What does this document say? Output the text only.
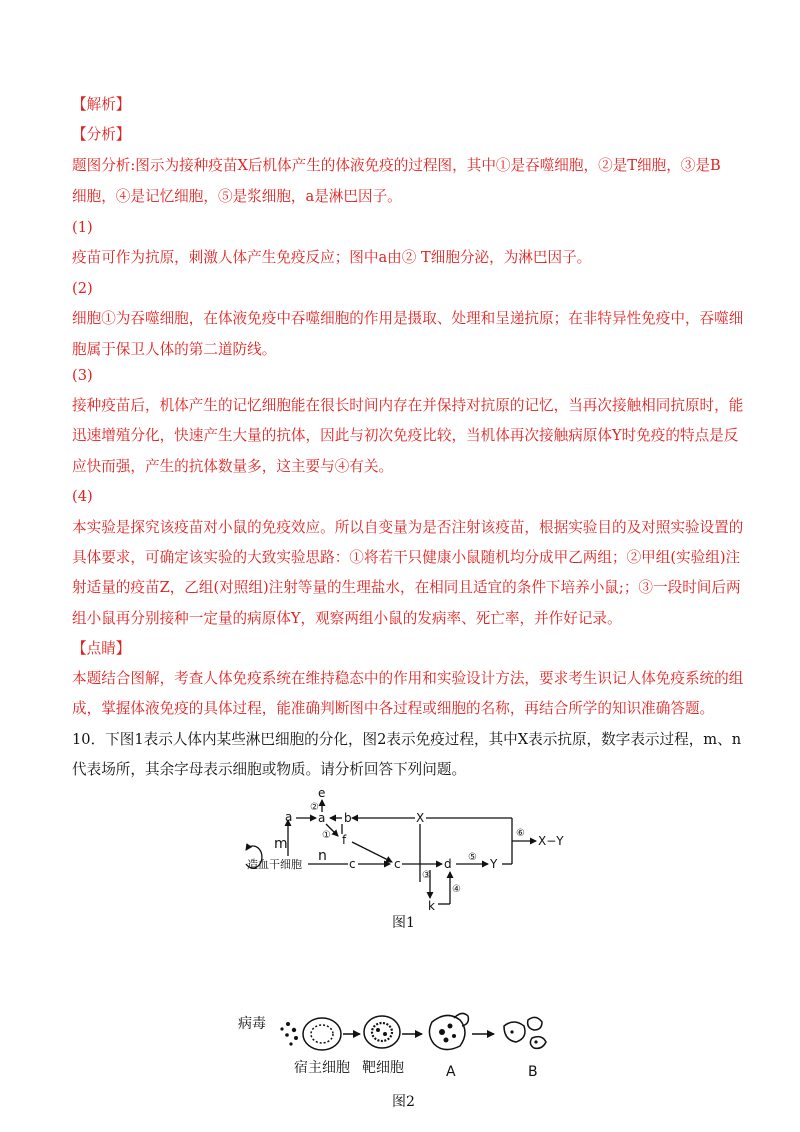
【解析】
【分析】
题图分析:图示为接种疫苗X后机体产生的体液免疫的过程图，其中①是吞噬细胞，②是T细胞，③是B
细胞，④是记忆细胞，⑤是浆细胞，a是淋巴因子。
(1)
疫苗可作为抗原，刺激人体产生免疫反应；图中a由② T细胞分泌，为淋巴因子。
(2)
细胞①为吞噬细胞，在体液免疫中吞噬细胞的作用是摄取、处理和呈递抗原；在非特异性免疫中，吞噬细
胞属于保卫人体的第二道防线。
(3)
接种疫苗后，机体产生的记忆细胞能在很长时间内存在并保持对抗原的记忆，当再次接触相同抗原时，能
迅速增殖分化，快速产生大量的抗体，因此与初次免疫比较，当机体再次接触病原体Y时免疫的特点是反
应快而强，产生的抗体数量多，这主要与④有关。
(4)
本实验是探究该疫苗对小鼠的免疫效应。所以自变量为是否注射该疫苗，根据实验目的及对照实验设置的
具体要求，可确定该实验的大致实验思路：①将若干只健康小鼠随机均分成甲乙两组；②甲组(实验组)注
射适量的疫苗Z，乙组(对照组)注射等量的生理盐水，在相同且适宜的条件下培养小鼠;；③一段时间后两
组小鼠再分别接种一定量的病原体Y，观察两组小鼠的发病率、死亡率，并作好记录。
【点睛】
本题结合图解，考查人体免疫系统在维持稳态中的作用和实验设计方法，要求考生识记人体免疫系统的组
成，掌握体液免疫的具体过程，能准确判断图中各过程或细胞的名称，再结合所学的知识准确答题。
10．下图1表示人体内某些淋巴细胞的分化，图2表示免疫过程，其中X表示抗原，数字表示过程，m、n
代表场所，其余字母表示细胞或物质。请分析回答下列问题。
e
②
a a b	X
① f
m
n
造血干细胞	c	c	d ⑤ Y
⑥
X−Y
③
④
k
图1
病毒
宿主细胞 靶细胞	A	B
图2
